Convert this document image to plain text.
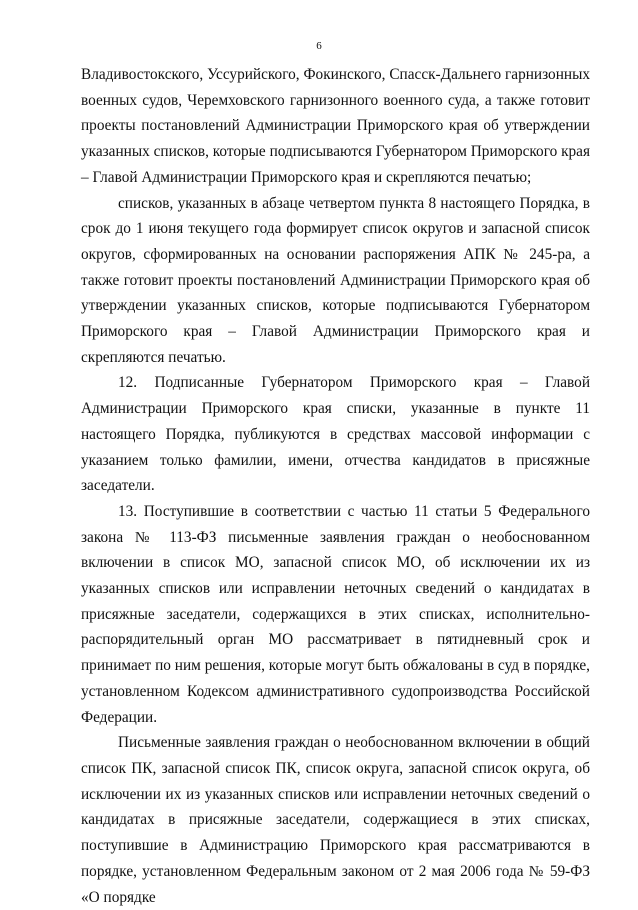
6

Владивостокского, Уссурийского, Фокинского, Спасск-Дальнего гарнизонных военных судов, Черемховского гарнизонного военного суда, а также готовит проекты постановлений Администрации Приморского края об утверждении указанных списков, которые подписываются Губернатором Приморского края – Главой Администрации Приморского края и скрепляются печатью;

списков, указанных в абзаце четвертом пункта 8 настоящего Порядка, в срок до 1 июня текущего года формирует список округов и запасной список округов, сформированных на основании распоряжения АПК № 245-ра, а также готовит проекты постановлений Администрации Приморского края об утверждении указанных списков, которые подписываются Губернатором Приморского края – Главой Администрации Приморского края и скрепляются печатью.

12. Подписанные Губернатором Приморского края – Главой Администрации Приморского края списки, указанные в пункте 11 настоящего Порядка, публикуются в средствах массовой информации с указанием только фамилии, имени, отчества кандидатов в присяжные заседатели.

13. Поступившие в соответствии с частью 11 статьи 5 Федерального закона № 113-ФЗ письменные заявления граждан о необоснованном включении в список МО, запасной список МО, об исключении их из указанных списков или исправлении неточных сведений о кандидатах в присяжные заседатели, содержащихся в этих списках, исполнительно-распорядительный орган МО рассматривает в пятидневный срок и принимает по ним решения, которые могут быть обжалованы в суд в порядке, установленном Кодексом административного судопроизводства Российской Федерации.

Письменные заявления граждан о необоснованном включении в общий список ПК, запасной список ПК, список округа, запасной список округа, об исключении их из указанных списков или исправлении неточных сведений о кандидатах в присяжные заседатели, содержащиеся в этих списках, поступившие в Администрацию Приморского края рассматриваются в порядке, установленном Федеральным законом от 2 мая 2006 года № 59-ФЗ «О порядке
